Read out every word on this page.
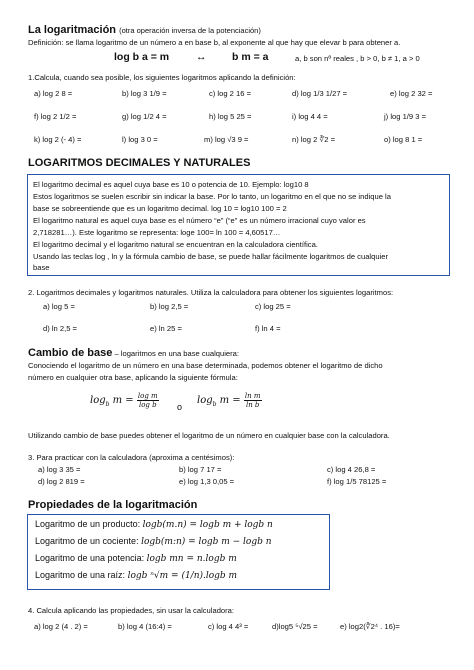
La logaritmación (otra operación inversa de la potenciación)
Definición: se llama logaritmo de un número a en base b, al exponente al que hay que elevar b para obtener a.
log b a = m	↔ b m = a	a, b son nº reales , b > 0, b ≠ 1, a > 0
1.Calcula, cuando sea posible, los siguientes logaritmos aplicando la definición:
a) log 2 8 =	b) log 3 1/9 =	c) log 2 16 =	d) log 1/3 1/27 =	e) log 2 32 =
f) log 2 1/2 =	g) log 1/2 4 =	h) log 5 25 =	i) log 4 4 =	j) log 1/9 3 =
k) log 2 (- 4) =	l) log 3 0 =	m) log √3 9 =	n) log 2 ∛2 =	o) log 8 1 =
LOGARITMOS DECIMALES Y NATURALES
El logaritmo decimal es aquel cuya base es 10 o potencia de 10. Ejemplo: log10 8
Estos logaritmos se suelen escribir sin indicar la base. Por lo tanto, un logaritmo en el que no se indique la
base se sobreentiende que es un logaritmo decimal. log 10 = log10 100 = 2
El logaritmo natural es aquel cuya base es el número “e” (“e” es un número irracional cuyo valor es
2,718281…). Este logaritmo se representa: loge 100= ln 100 = 4,60517…
El logaritmo decimal y el logaritmo natural se encuentran en la calculadora científica.
Usando las teclas log , ln y la fórmula cambio de base, se puede hallar fácilmente logaritmos de cualquier
base
2. Logaritmos decimales y logaritmos naturales. Utiliza la calculadora para obtener los siguientes logaritmos:
a) log 5 =	b) log 2,5 =	c) log 25 =
d) ln 2,5 =	e) ln 25 =	f) ln 4 =
Cambio de base – logaritmos en una base cualquiera:
Conociendo el logaritmo de un número en una base determinada, podemos obtener el logaritmo de dicho
número en cualquier otra base, aplicando la siguiente fórmula:
$\log_b m = \frac{\text{log m}}{\text{log b}}$ o
$\log_b m = \frac{\text{ln m}}{\text{ln b}}$
Utilizando cambio de base puedes obtener el logaritmo de un número en cualquier base con la calculadora.
3. Para practicar con la calculadora (aproxima a centésimos):
a) log 3 35 =	b) log 7 17 =	c) log 4 26,8 =
d) log 2 819 =	e) log 1,3 0,05 =	f) log 1/5 78125 =
Propiedades de la logaritmación
Logaritmo de un producto: logb(m.n) = logb m + logb n
Logaritmo de un cociente: logb(m:n) = logb m − logb n
Logaritmo de una potencia: logb mn = n.logb m
Logaritmo de una raíz: logb ⁿ√m = (1/n).logb m
4. Calcula aplicando las propiedades, sin usar la calculadora:
a) log 2 (4 . 2) =	b) log 4 (16:4) =	c) log 4 4³ =	d)log5 ⁵√25 =	e) log2(∛2⁴ . 16)=
